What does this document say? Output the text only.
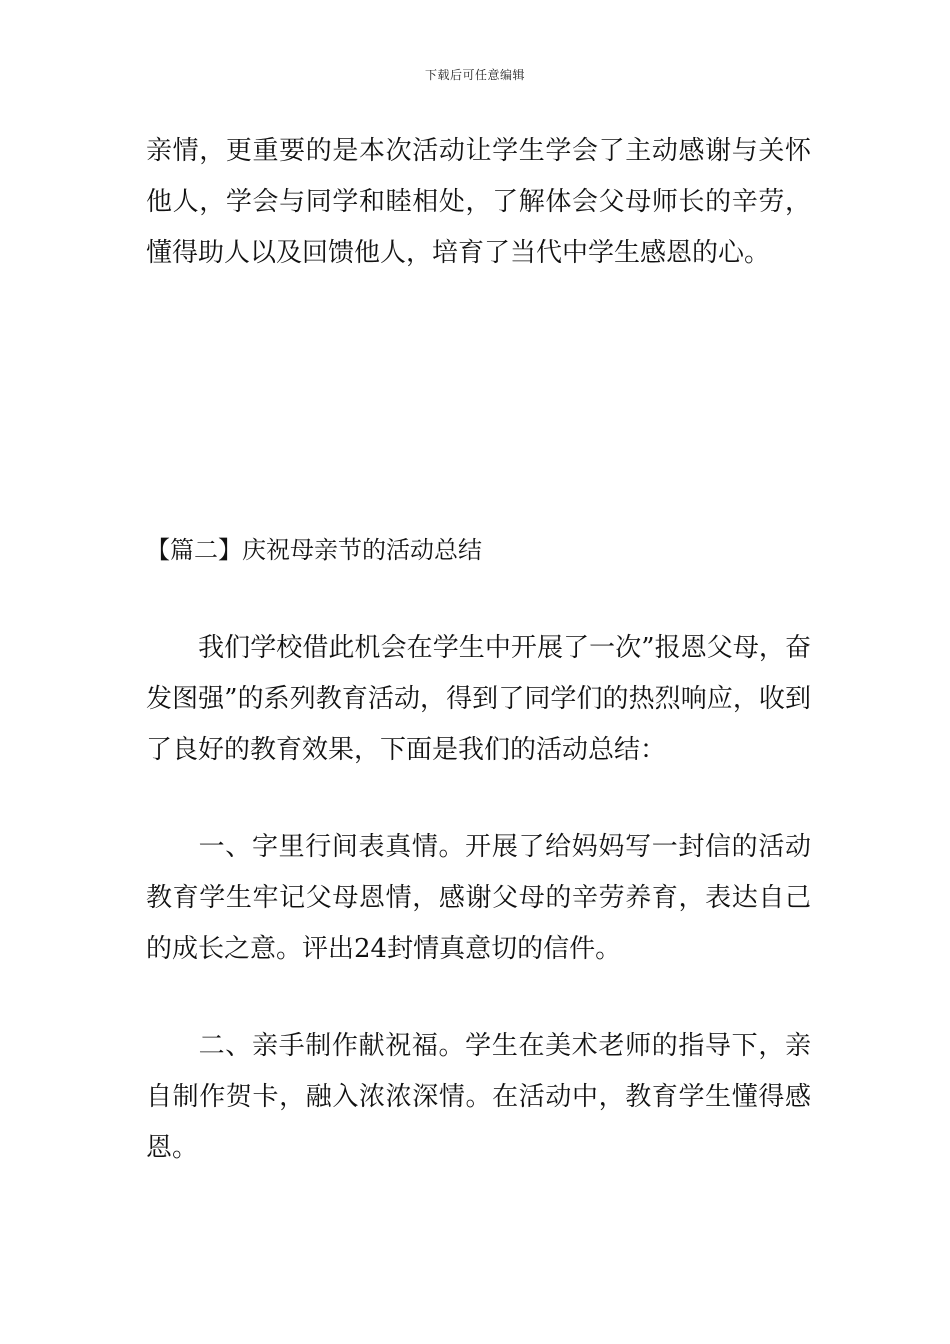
下载后可任意编辑

亲情，更重要的是本次活动让学生学会了主动感谢与关怀他人，学会与同学和睦相处，了解体会父母师长的辛劳，懂得助人以及回馈他人，培育了当代中学生感恩的心。

【篇二】庆祝母亲节的活动总结

我们学校借此机会在学生中开展了一次”报恩父母，奋发图强”的系列教育活动，得到了同学们的热烈响应，收到了良好的教育效果，下面是我们的活动总结：

一、字里行间表真情。开展了给妈妈写一封信的活动教育学生牢记父母恩情，感谢父母的辛劳养育，表达自己的成长之意。评出24封情真意切的信件。

二、亲手制作献祝福。学生在美术老师的指导下，亲自制作贺卡，融入浓浓深情。在活动中，教育学生懂得感恩。
